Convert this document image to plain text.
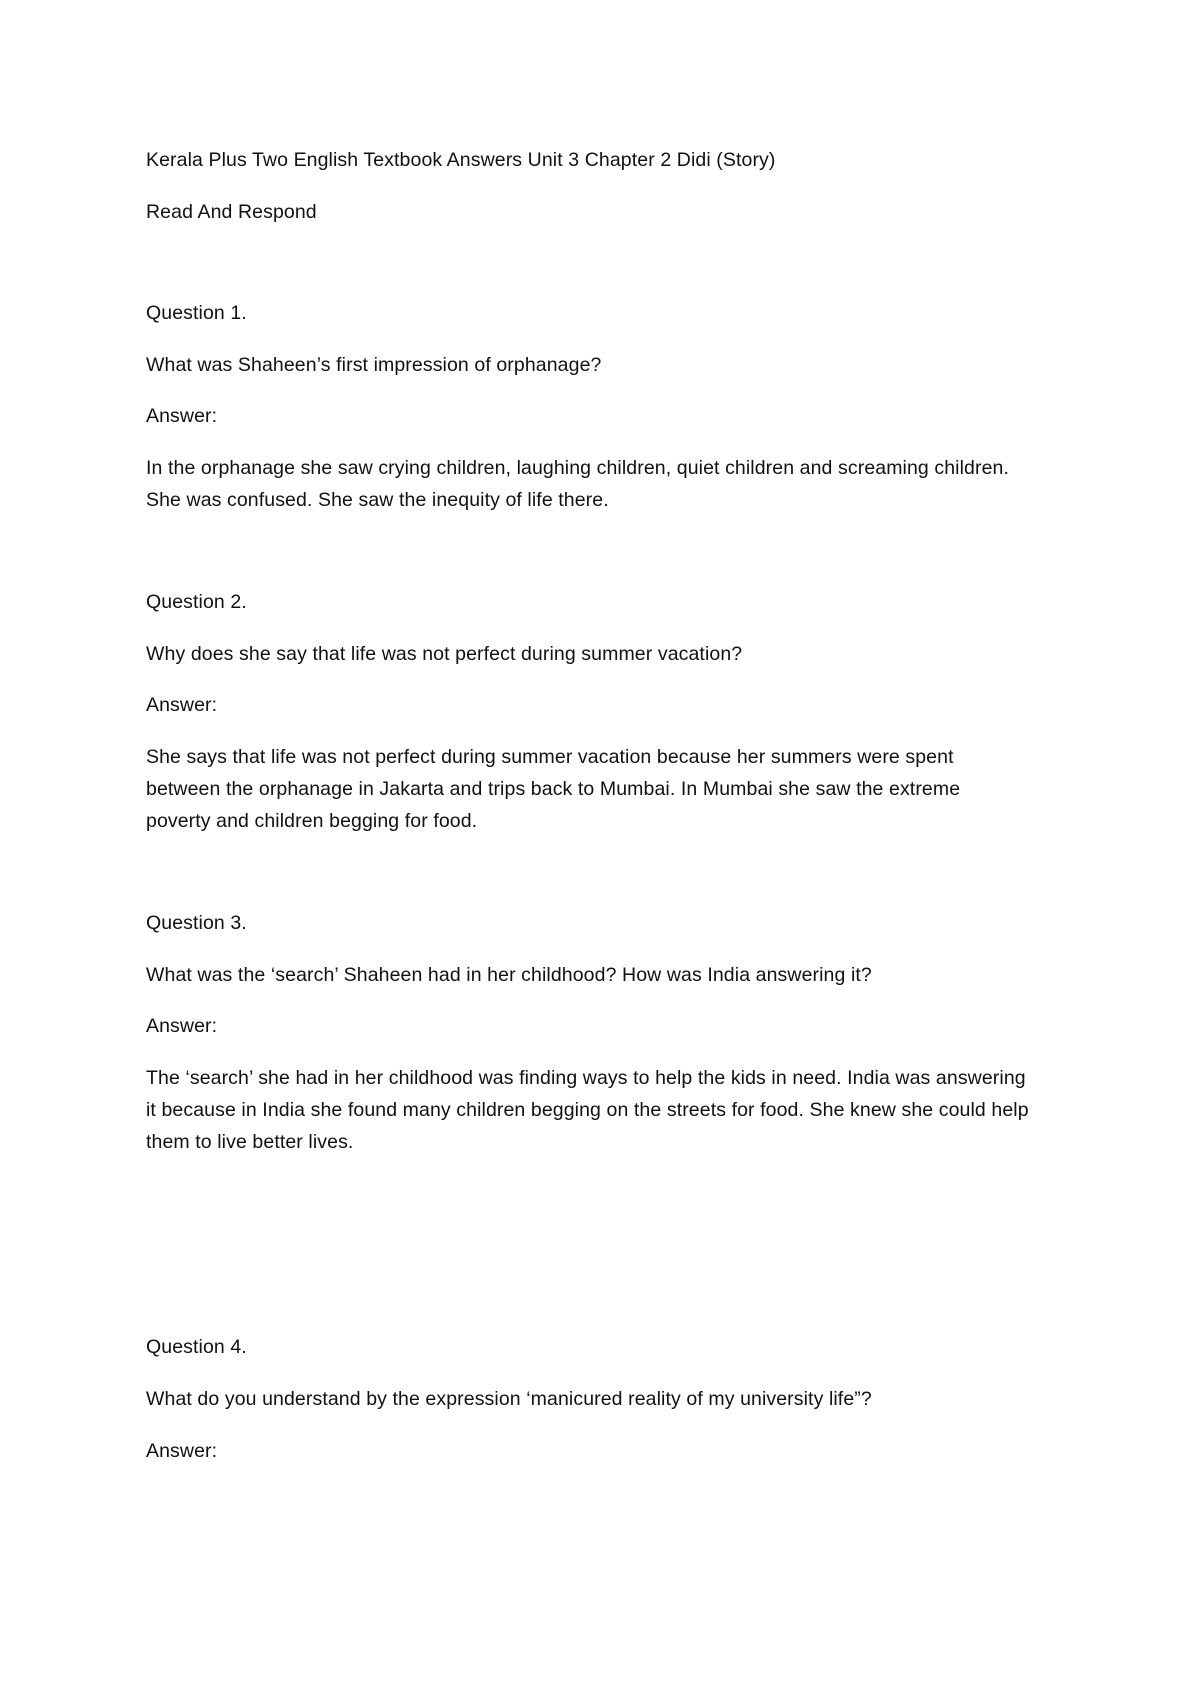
Kerala Plus Two English Textbook Answers Unit 3 Chapter 2 Didi (Story)

Read And Respond

Question 1.

What was Shaheen’s first impression of orphanage?

Answer:

In the orphanage she saw crying children, laughing children, quiet children and screaming children.

She was confused. She saw the inequity of life there.

Question 2.

Why does she say that life was not perfect during summer vacation?

Answer:

She says that life was not perfect during summer vacation because her summers were spent

between the orphanage in Jakarta and trips back to Mumbai. In Mumbai she saw the extreme

poverty and children begging for food.

Question 3.

What was the ‘search’ Shaheen had in her childhood? How was India answering it?

Answer:

The ‘search’ she had in her childhood was finding ways to help the kids in need. India was answering

it because in India she found many children begging on the streets for food. She knew she could help

them to live better lives.

Question 4.

What do you understand by the expression ‘manicured reality of my university life”?

Answer:
